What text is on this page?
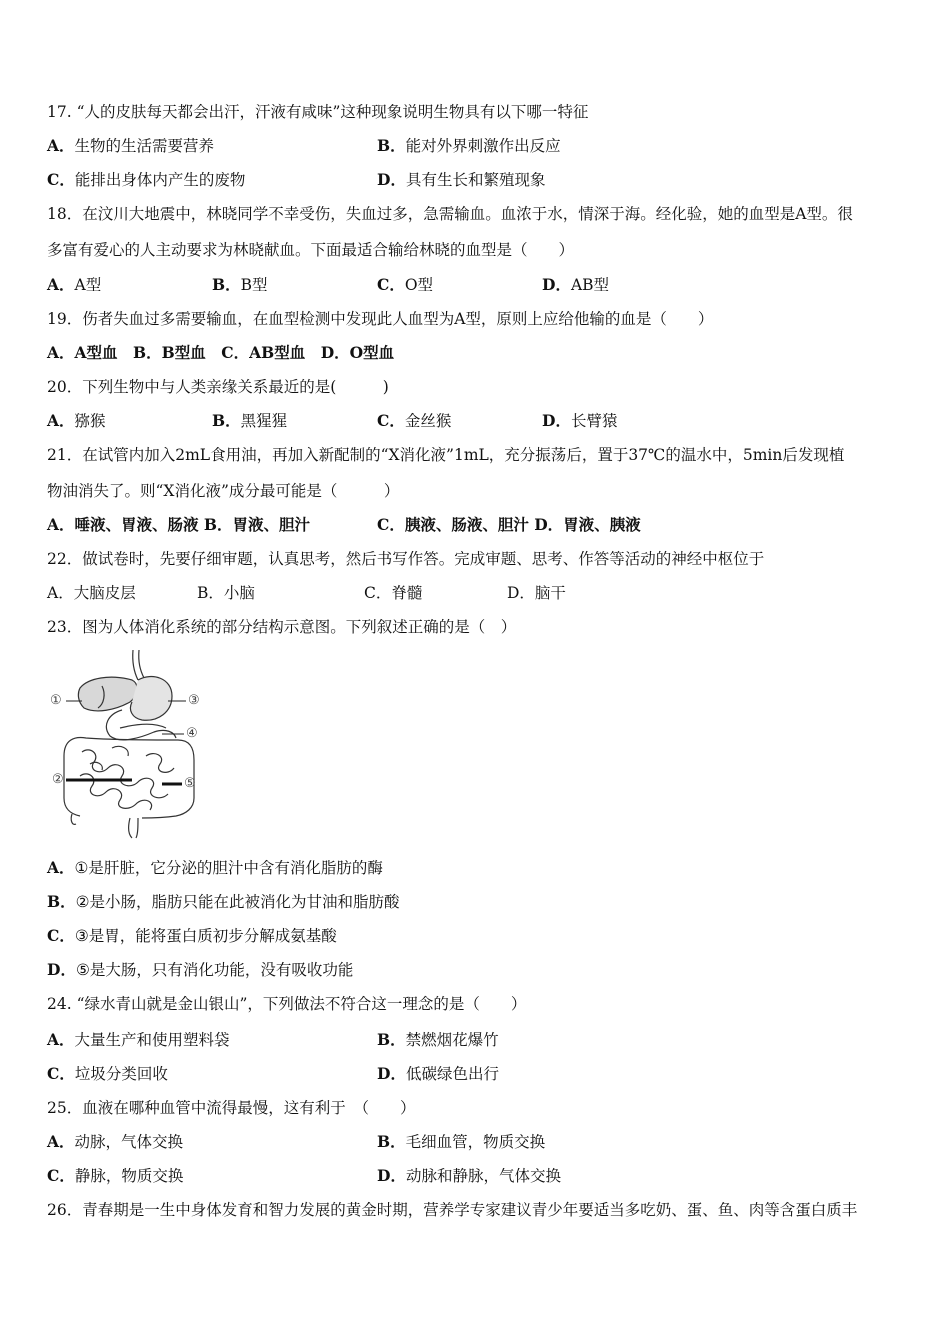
17. “人的皮肤每天都会出汗，汗液有咸味”这种现象说明生物具有以下哪一特征
A．生物的生活需要营养	B．能对外界刺激作出反应
C．能排出身体内产生的废物	D．具有生长和繁殖现象
18．在汶川大地震中，林晓同学不幸受伤，失血过多，急需输血。血浓于水，情深于海。经化验，她的血型是A型。很
多富有爱心的人主动要求为林晓献血。下面最适合输给林晓的血型是（　　）
A．A型	B．B型	C．O型	D．AB型
19．伤者失血过多需要输血，在血型检测中发现此人血型为A型，原则上应给他输的血是（　　）
A．A型血　B．B型血　C．AB型血　D．O型血
20．下列生物中与人类亲缘关系最近的是(　　　)
A．猕猴	B．黑猩猩	C．金丝猴	D．长臂猿
21．在试管内加入2mL食用油，再加入新配制的“X消化液”1mL，充分振荡后，置于37℃的温水中，5min后发现植
物油消失了。则“X消化液”成分最可能是（　　　）
A．唾液、胃液、肠液 B．胃液、胆汁	C．胰液、肠液、胆汁 D．胃液、胰液
22．做试卷时，先要仔细审题，认真思考，然后书写作答。完成审题、思考、作答等活动的神经中枢位于
A．大脑皮层	B．小脑	C．脊髓	D．脑干
23．图为人体消化系统的部分结构示意图。下列叙述正确的是（　）
①
②
③
④
⑤
A．①是肝脏，它分泌的胆汁中含有消化脂肪的酶
B．②是小肠，脂肪只能在此被消化为甘油和脂肪酸
C．③是胃，能将蛋白质初步分解成氨基酸
D．⑤是大肠，只有消化功能，没有吸收功能
24. “绿水青山就是金山银山”，下列做法不符合这一理念的是（　　）
A．大量生产和使用塑料袋	B．禁燃烟花爆竹
C．垃圾分类回收	D．低碳绿色出行
25．血液在哪种血管中流得最慢，这有利于　（　　）
A．动脉，气体交换	B．毛细血管，物质交换
C．静脉，物质交换	D．动脉和静脉，气体交换
26．青春期是一生中身体发育和智力发展的黄金时期，营养学专家建议青少年要适当多吃奶、蛋、鱼、肉等含蛋白质丰
